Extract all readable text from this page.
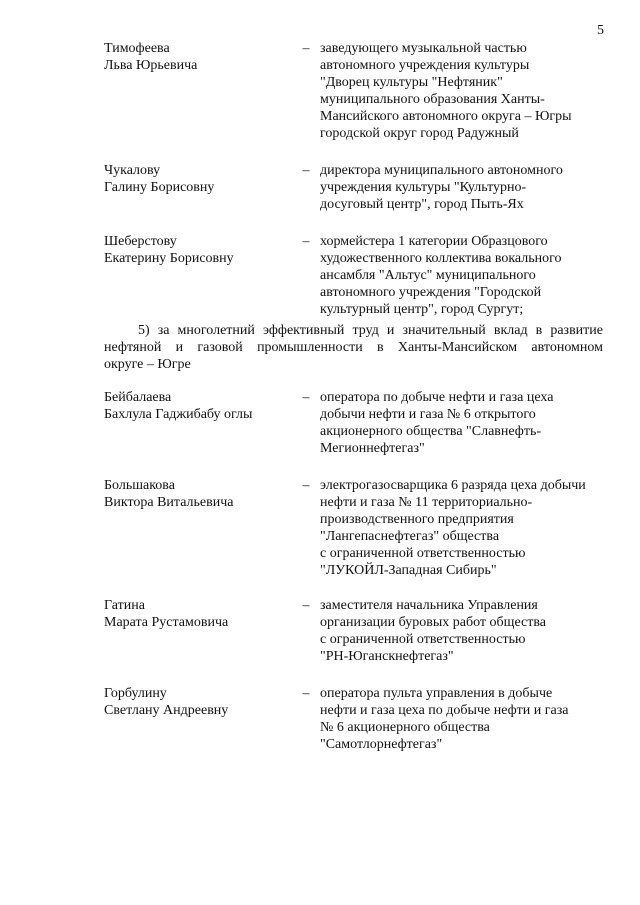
5
Тимофеева
Льва Юрьевича
– заведующего музыкальной частью
автономного учреждения культуры
"Дворец культуры "Нефтяник"
муниципального образования Ханты-
Мансийского автономного округа – Югры
городской округ город Радужный
Чукалову
Галину Борисовну
– директора муниципального автономного
учреждения культуры "Культурно-
досуговый центр", город Пыть-Ях
Шеберстову
Екатерину Борисовну
– хормейстера 1 категории Образцового
художественного коллектива вокального
ансамбля "Альтус" муниципального
автономного учреждения "Городской
культурный центр", город Сургут;
5) за многолетний эффективный труд и значительный вклад в развитие
нефтяной и газовой промышленности в Ханты-Мансийском автономном
округе – Югре
Бейбалаева
Бахлула Гаджибабу оглы
– оператора по добыче нефти и газа цеха
добычи нефти и газа № 6 открытого
акционерного общества "Славнефть-
Мегионнефтегаз"
Большакова
Виктора Витальевича
– электрогазосварщика 6 разряда цеха добычи
нефти и газа № 11 территориально-
производственного предприятия
"Лангепаснефтегаз" общества
с ограниченной ответственностью
"ЛУКОЙЛ-Западная Сибирь"
Гатина
Марата Рустамовича
– заместителя начальника Управления
организации буровых работ общества
с ограниченной ответственностью
"РН-Юганскнефтегаз"
Горбулину
Светлану Андреевну
– оператора пульта управления в добыче
нефти и газа цеха по добыче нефти и газа
№ 6 акционерного общества
"Самотлорнефтегаз"
